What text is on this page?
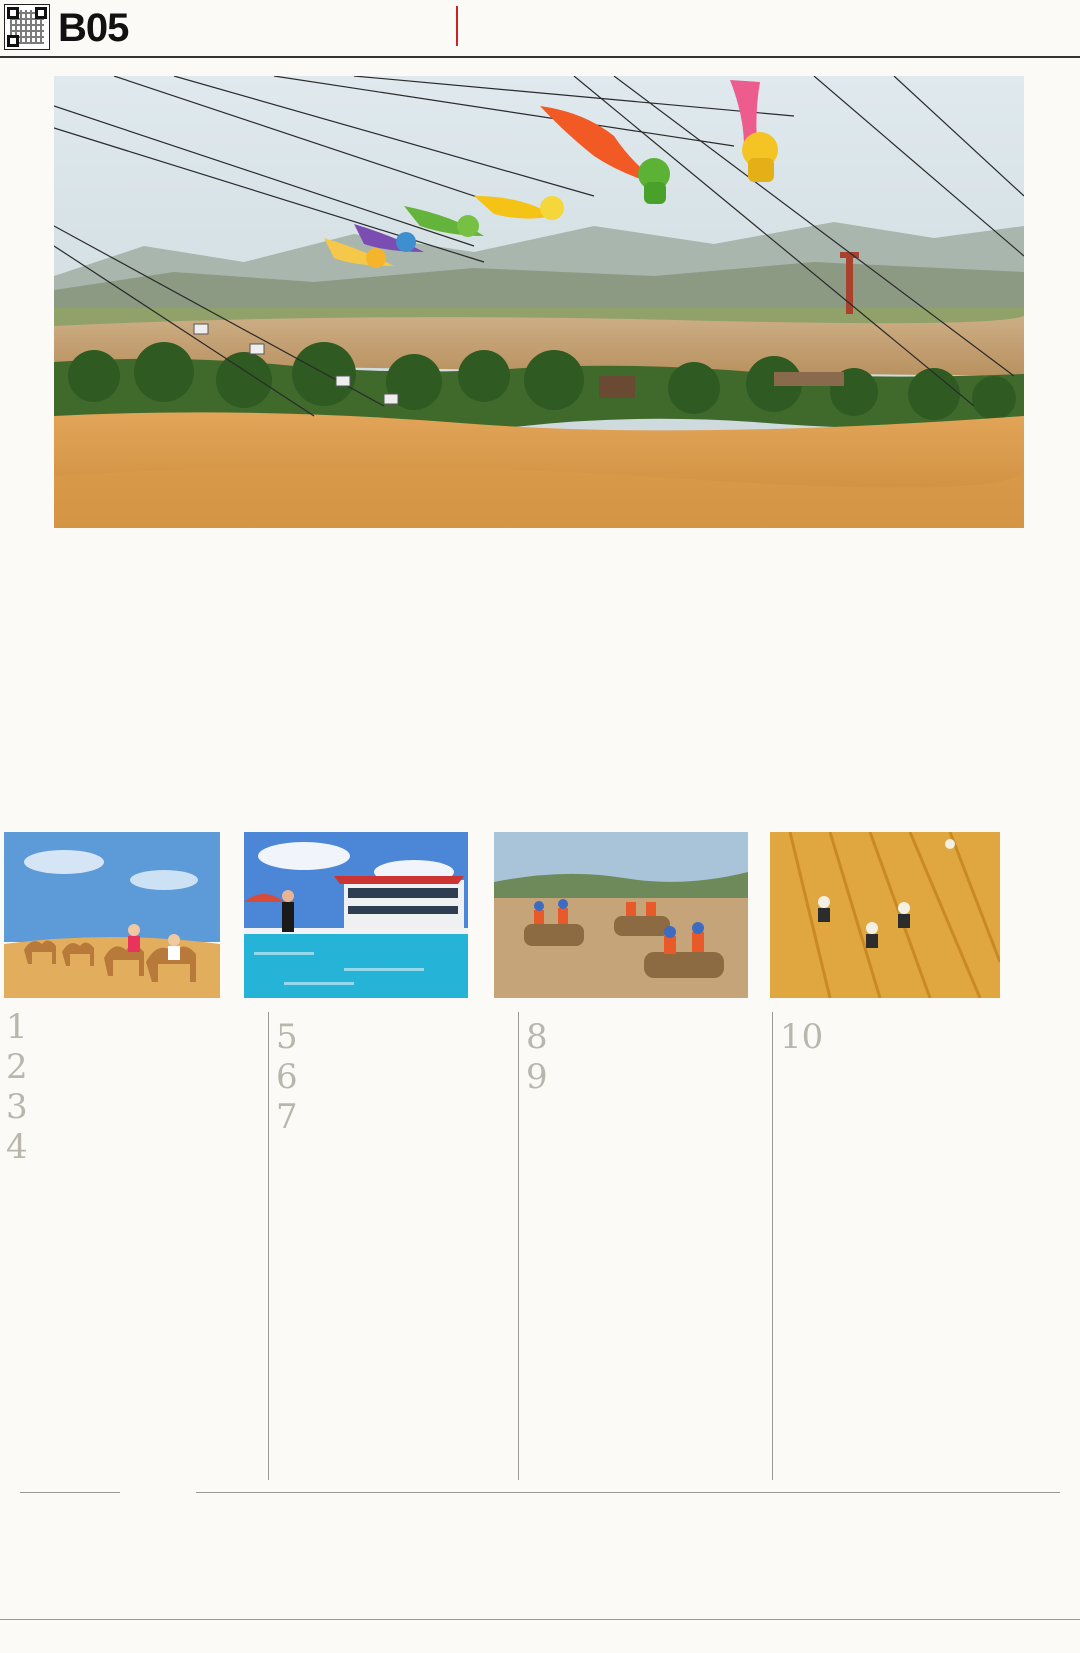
B05

1
2
3
4
5
6
7
8
9
10
